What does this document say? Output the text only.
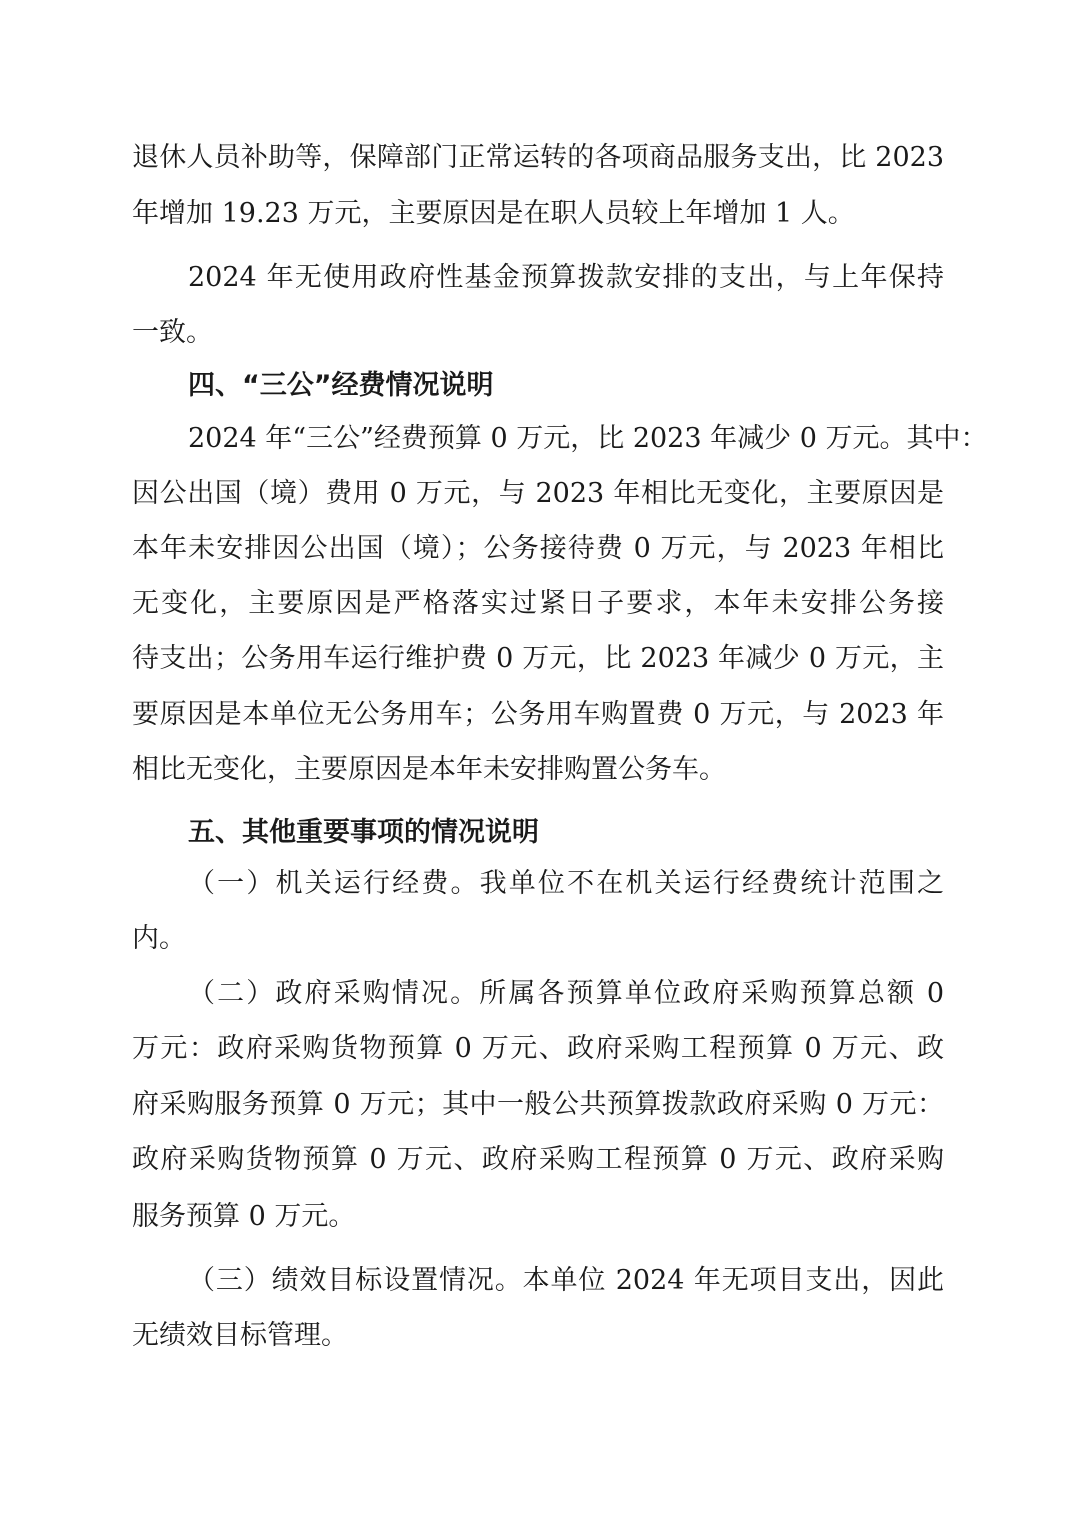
退休人员补助等，保障部门正常运转的各项商品服务支出，比 2023
年增加 19.23 万元，主要原因是在职人员较上年增加 1 人。
2024 年无使用政府性基金预算拨款安排的支出，与上年保持
一致。
四、“三公”经费情况说明
2024 年“三公”经费预算 0 万元，比 2023 年减少 0 万元。其中：
因公出国（境）费用 0 万元，与 2023 年相比无变化，主要原因是
本年未安排因公出国（境）；公务接待费 0 万元，与 2023 年相比
无变化，主要原因是严格落实过紧日子要求，本年未安排公务接
待支出；公务用车运行维护费 0 万元，比 2023 年减少 0 万元，主
要原因是本单位无公务用车；公务用车购置费 0 万元，与 2023 年
相比无变化，主要原因是本年未安排购置公务车。
五、其他重要事项的情况说明
（一）机关运行经费。我单位不在机关运行经费统计范围之
内。
（二）政府采购情况。所属各预算单位政府采购预算总额 0
万元：政府采购货物预算 0 万元、政府采购工程预算 0 万元、政
府采购服务预算 0 万元；其中一般公共预算拨款政府采购 0 万元：
政府采购货物预算 0 万元、政府采购工程预算 0 万元、政府采购
服务预算 0 万元。
（三）绩效目标设置情况。本单位 2024 年无项目支出，因此
无绩效目标管理。
